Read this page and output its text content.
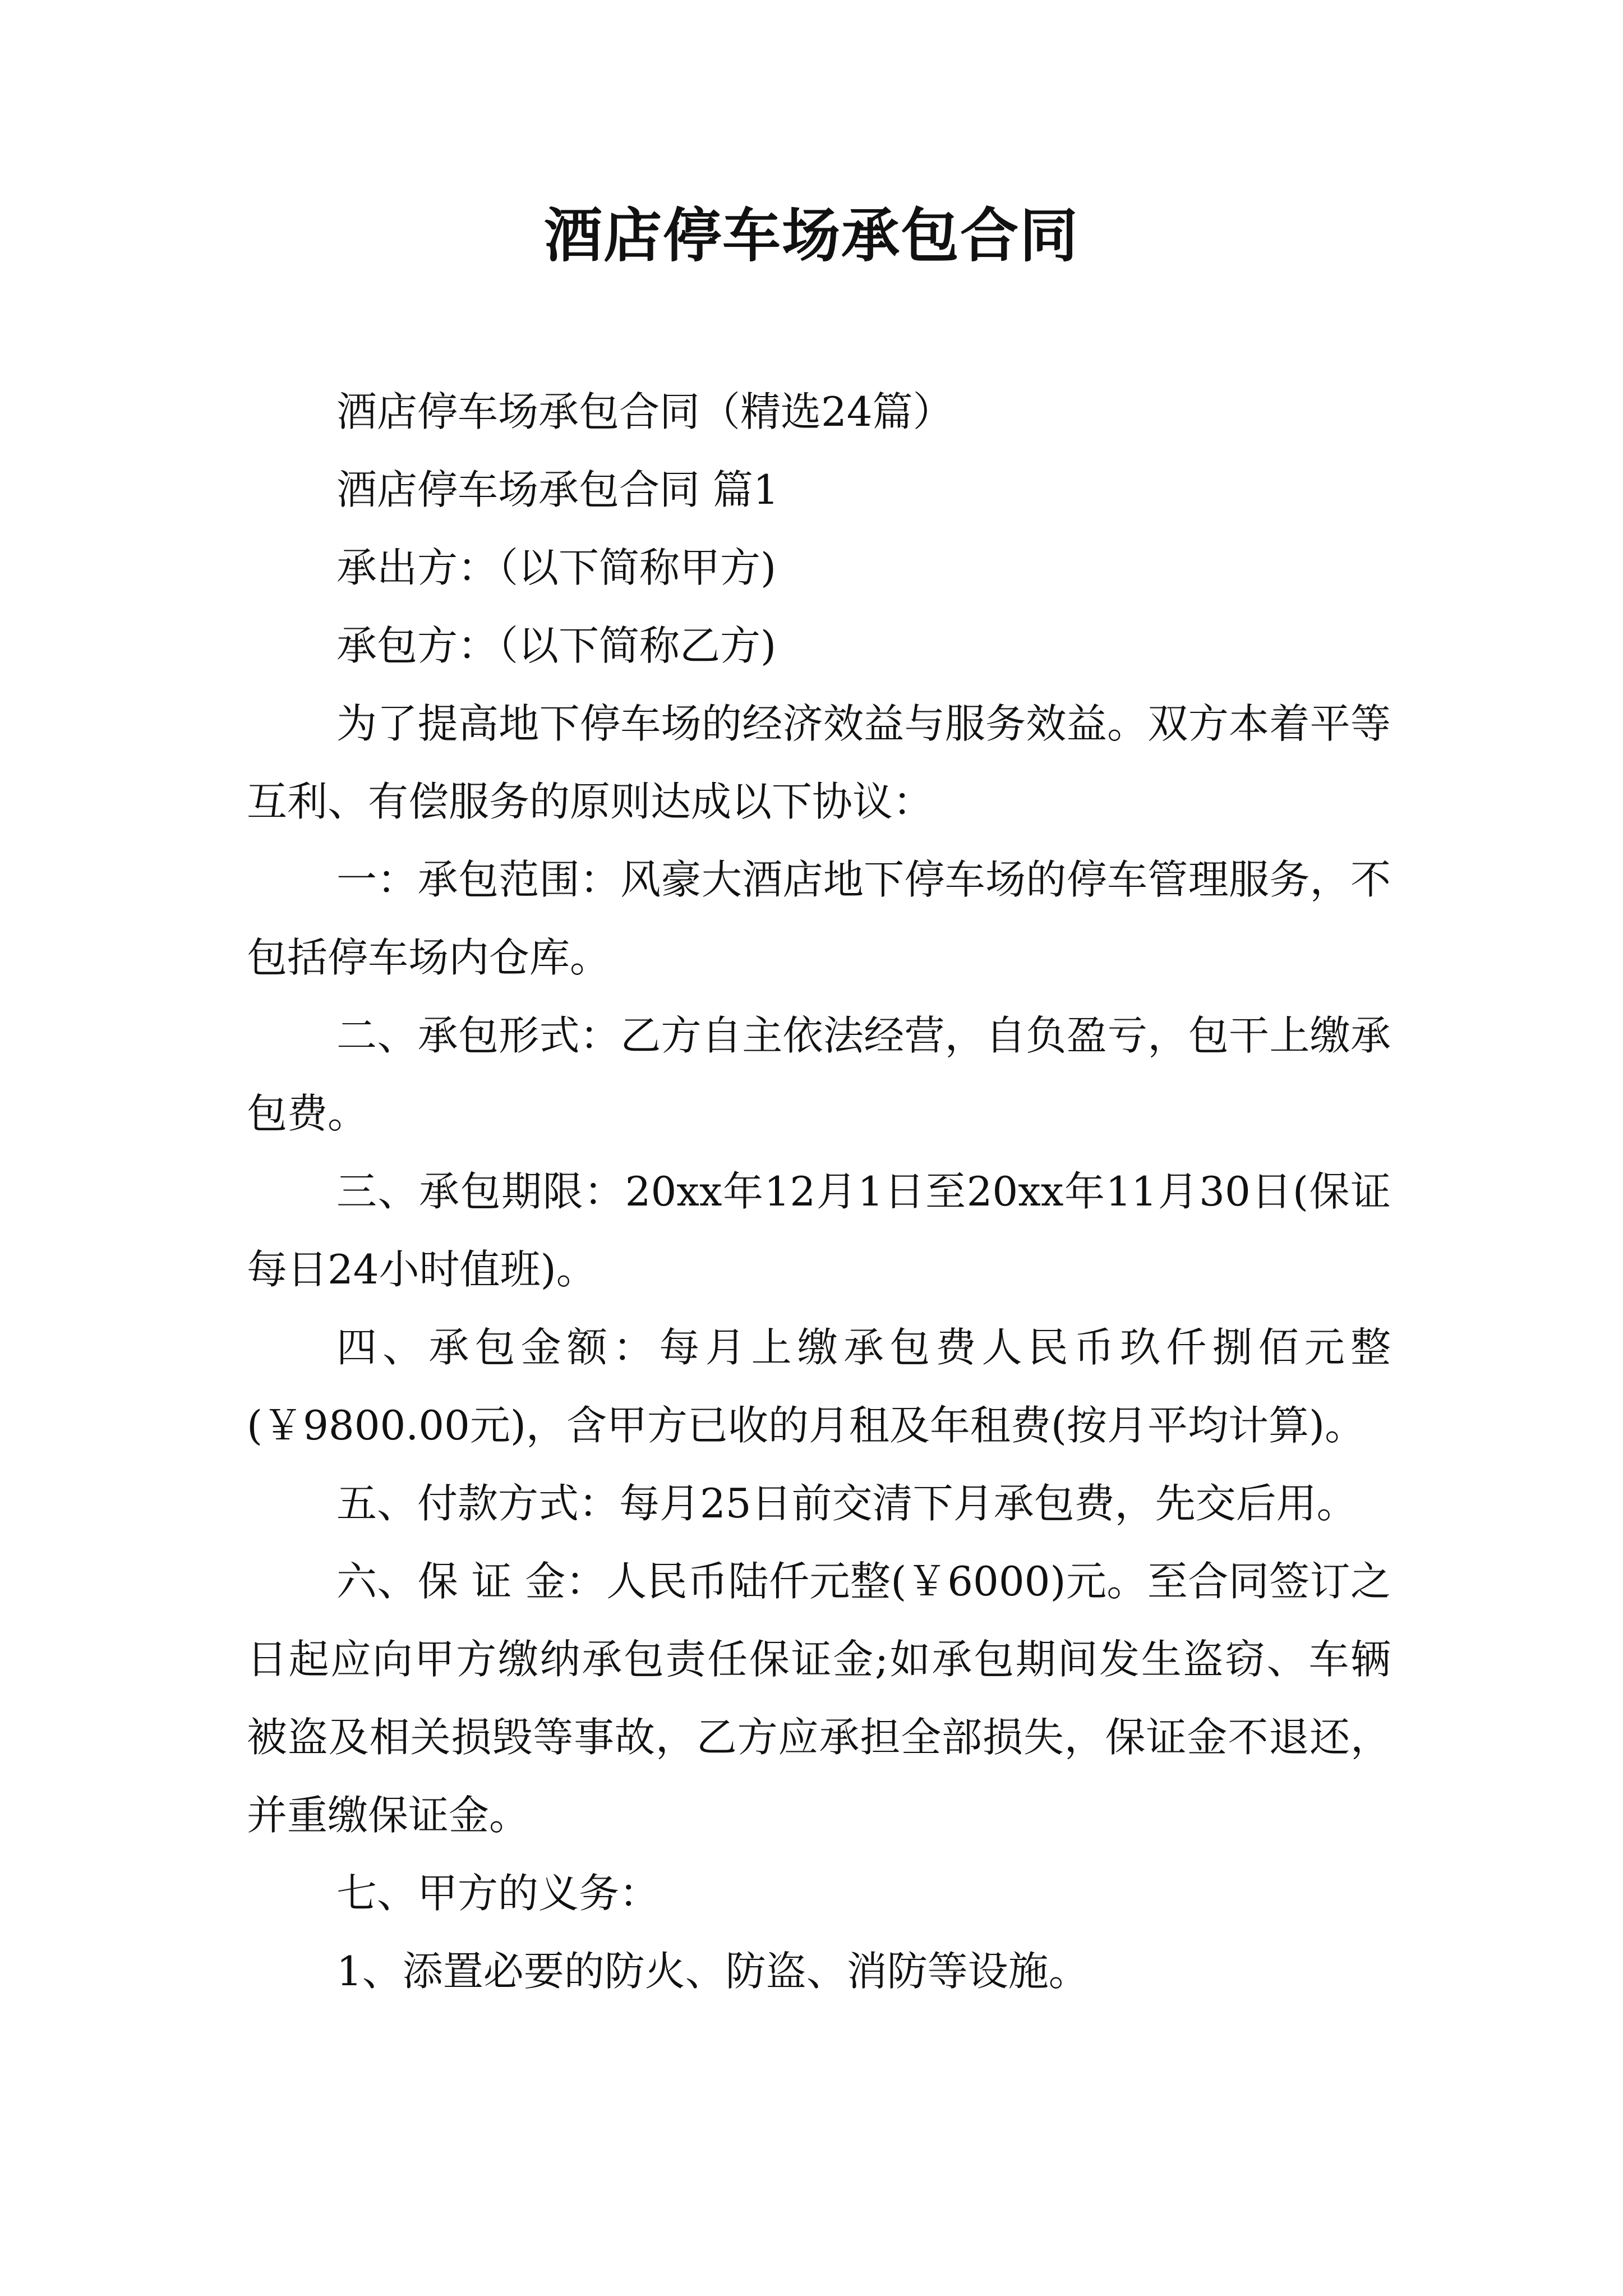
酒店停车场承包合同

酒店停车场承包合同（精选24篇）

酒店停车场承包合同 篇1

承出方：（以下简称甲方)

承包方：（以下简称乙方)

为了提高地下停车场的经济效益与服务效益。双方本着平等互利、有偿服务的原则达成以下协议：

一：承包范围：风豪大酒店地下停车场的停车管理服务，不包括停车场内仓库。

二、承包形式：乙方自主依法经营，自负盈亏，包干上缴承包费。

三、承包期限：20xx年12月1日至20xx年11月30日(保证每日24小时值班)。

四、承包金额：每月上缴承包费人民币玖仟捌佰元整(￥9800.00元)，含甲方已收的月租及年租费(按月平均计算)。

五、付款方式：每月25日前交清下月承包费，先交后用。

六、保 证 金：人民币陆仟元整(￥6000)元。至合同签订之日起应向甲方缴纳承包责任保证金;如承包期间发生盗窃、车辆被盗及相关损毁等事故，乙方应承担全部损失，保证金不退还，并重缴保证金。

七、甲方的义务：

1、添置必要的防火、防盗、消防等设施。
